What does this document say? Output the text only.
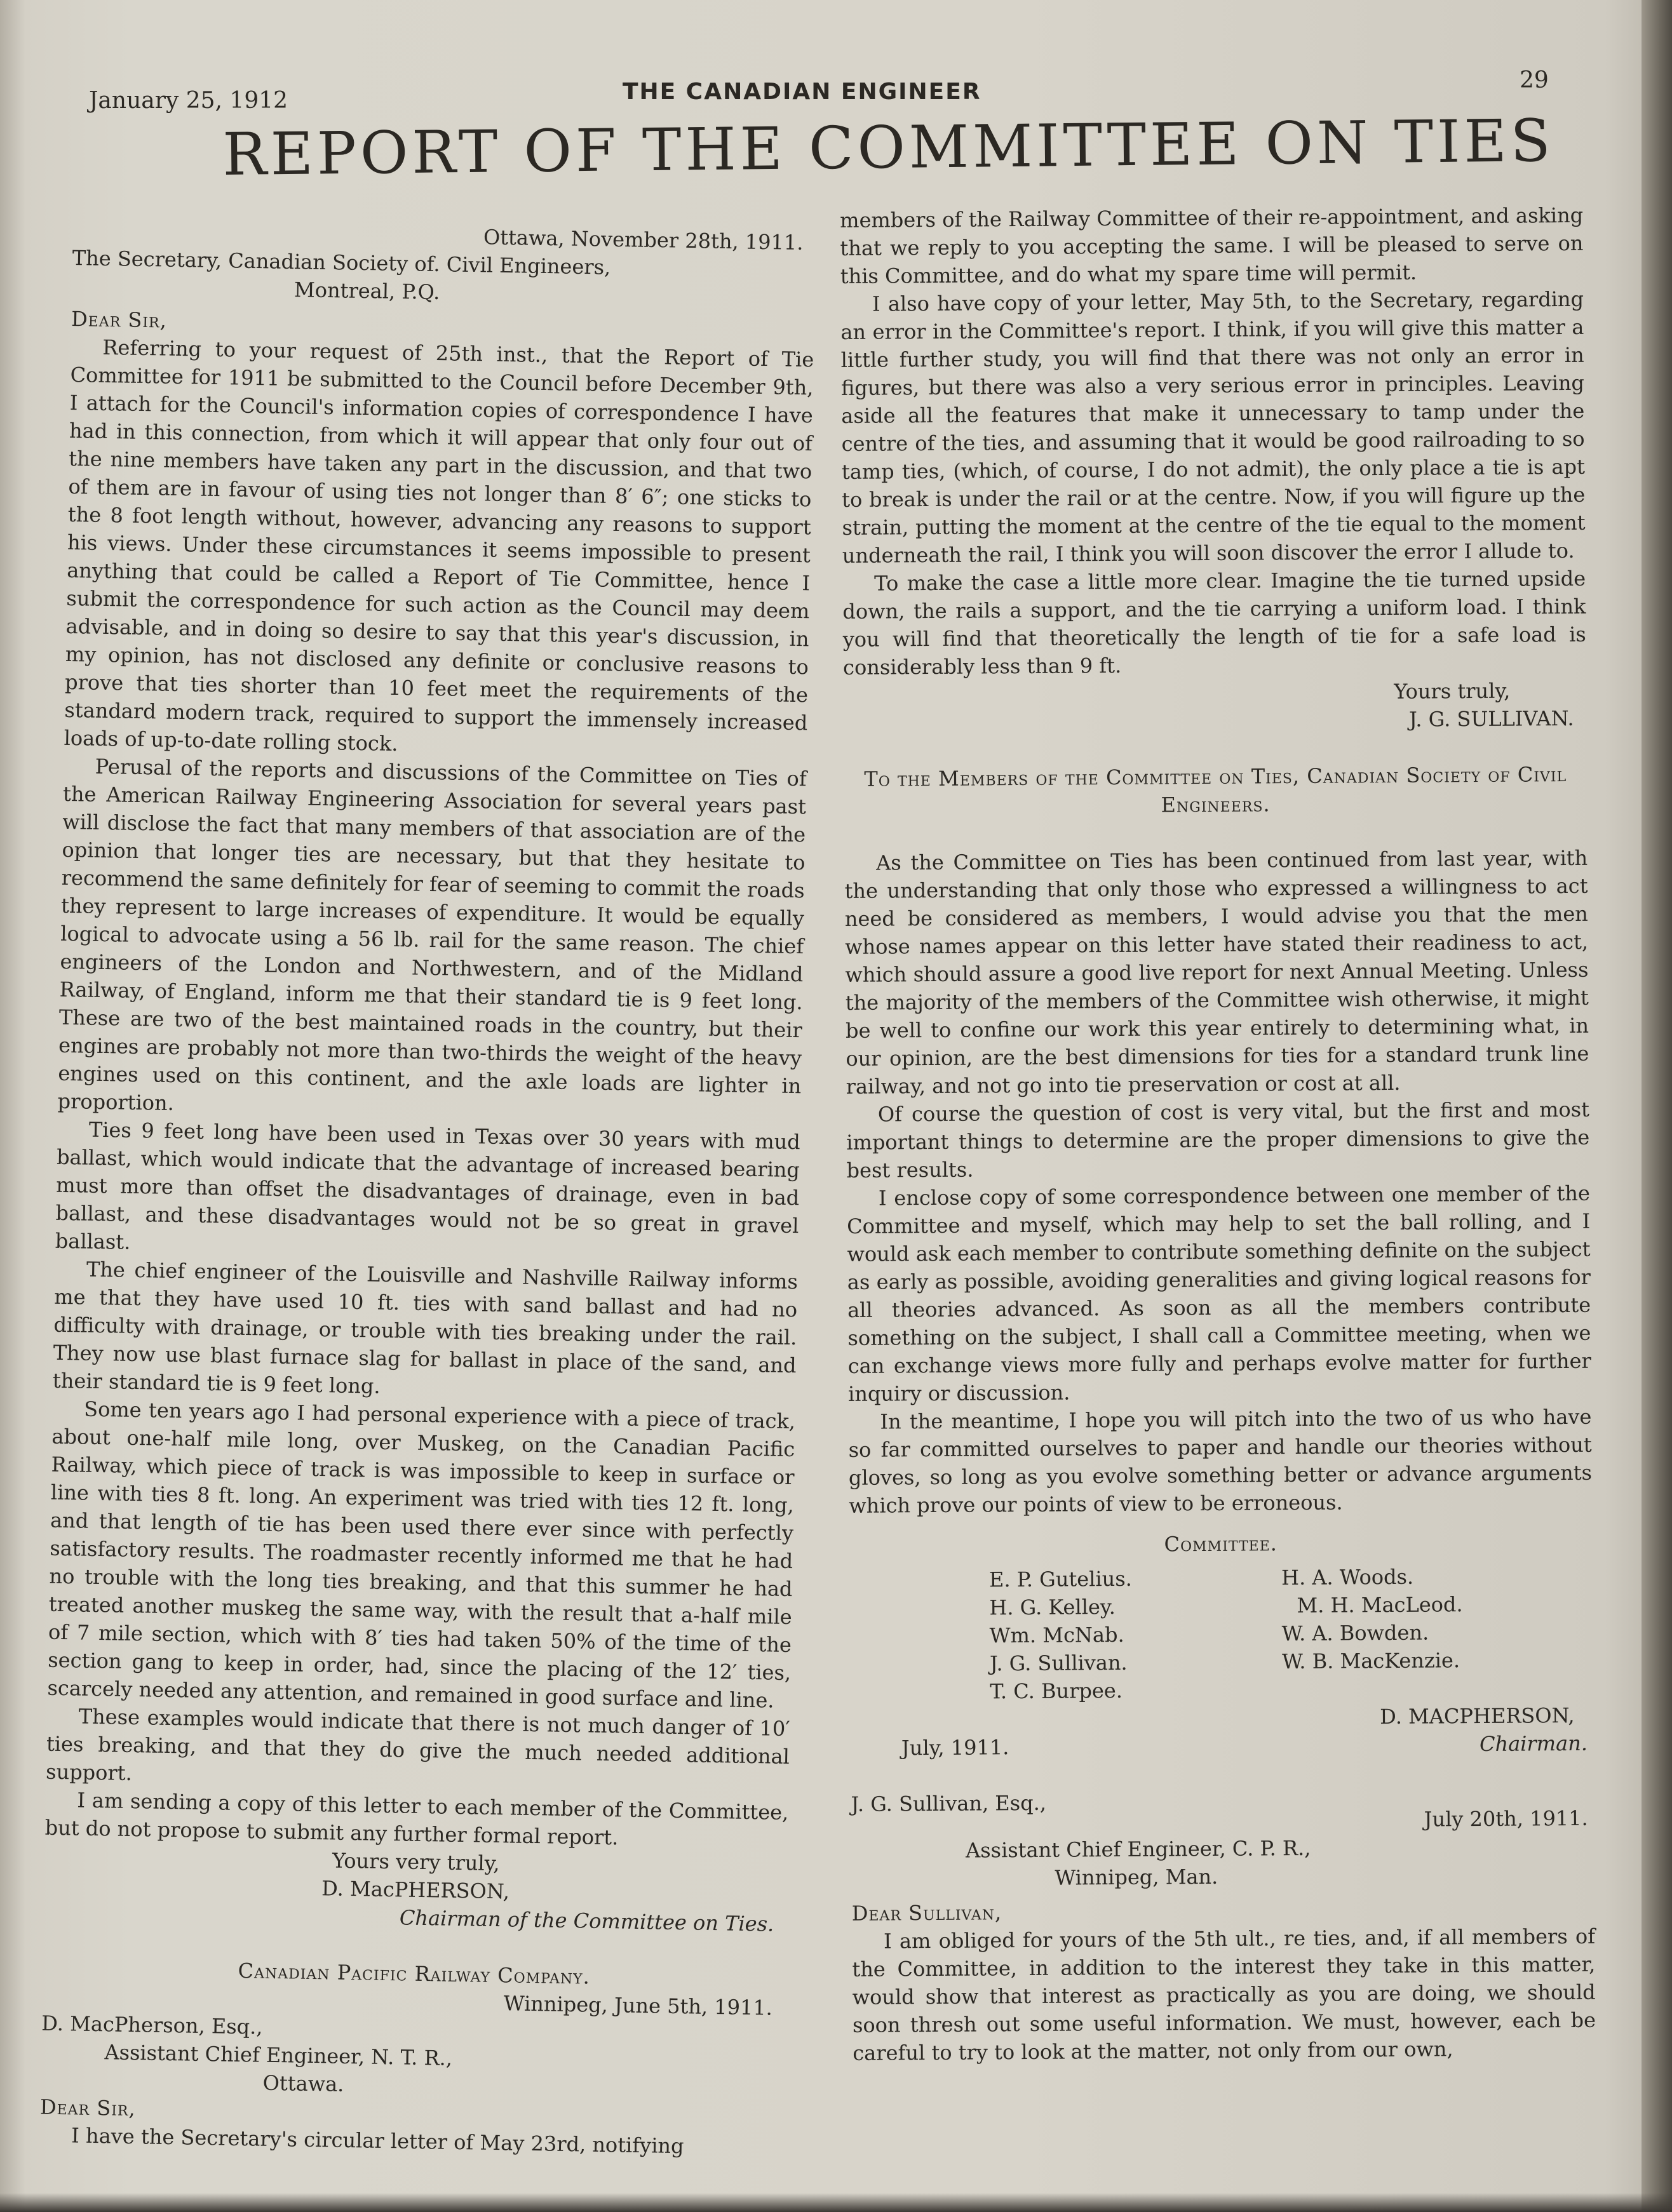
January 25, 1912	THE CANADIAN ENGINEER	29
REPORT OF THE COMMITTEE ON TIES

Ottawa, November 28th, 1911.

The Secretary, Canadian Society of. Civil Engineers,

Montreal, P.Q.

Dear Sir,

Referring to your request of 25th inst., that the Report of Tie Committee for 1911 be submitted to the Council before December 9th, I attach for the Council's information copies of correspondence I have had in this connection, from which it will appear that only four out of the nine members have taken any part in the discussion, and that two of them are in favour of using ties not longer than 8′ 6″; one sticks to the 8 foot length without, however, advancing any reasons to support his views. Under these circumstances it seems impossible to present anything that could be called a Report of Tie Committee, hence I submit the correspondence for such action as the Council may deem advisable, and in doing so desire to say that this year's discussion, in my opinion, has not disclosed any definite or conclusive reasons to prove that ties shorter than 10 feet meet the requirements of the standard modern track, required to support the immensely increased loads of up-to-date rolling stock.

Perusal of the reports and discussions of the Committee on Ties of the American Railway Engineering Association for several years past will disclose the fact that many members of that association are of the opinion that longer ties are necessary, but that they hesitate to recommend the same definitely for fear of seeming to commit the roads they represent to large increases of expenditure. It would be equally logical to advocate using a 56 lb. rail for the same reason. The chief engineers of the London and Northwestern, and of the Midland Railway, of England, inform me that their standard tie is 9 feet long. These are two of the best maintained roads in the country, but their engines are probably not more than two-thirds the weight of the heavy engines used on this continent, and the axle loads are lighter in proportion.

Ties 9 feet long have been used in Texas over 30 years with mud ballast, which would indicate that the advantage of increased bearing must more than offset the disadvantages of drainage, even in bad ballast, and these disadvantages would not be so great in gravel ballast.

The chief engineer of the Louisville and Nashville Railway informs me that they have used 10 ft. ties with sand ballast and had no difficulty with drainage, or trouble with ties breaking under the rail. They now use blast furnace slag for ballast in place of the sand, and their standard tie is 9 feet long.

Some ten years ago I had personal experience with a piece of track, about one-half mile long, over Muskeg, on the Canadian Pacific Railway, which piece of track is was impossible to keep in surface or line with ties 8 ft. long. An experiment was tried with ties 12 ft. long, and that length of tie has been used there ever since with perfectly satisfactory results. The roadmaster recently informed me that he had no trouble with the long ties breaking, and that this summer he had treated another muskeg the same way, with the result that a-half mile of 7 mile section, which with 8′ ties had taken 50% of the time of the section gang to keep in order, had, since the placing of the 12′ ties, scarcely needed any attention, and remained in good surface and line.

These examples would indicate that there is not much danger of 10′ ties breaking, and that they do give the much needed additional support.

I am sending a copy of this letter to each member of the Committee, but do not propose to submit any further formal report.

Yours very truly,

D. MacPHERSON,

Chairman of the Committee on Ties.

Canadian Pacific Railway Company.

Winnipeg, June 5th, 1911.

D. MacPherson, Esq.,

Assistant Chief Engineer, N. T. R.,

Ottawa.

Dear Sir,

I have the Secretary's circular letter of May 23rd, notifying

members of the Railway Committee of their re-appointment, and asking that we reply to you accepting the same. I will be pleased to serve on this Committee, and do what my spare time will permit.

I also have copy of your letter, May 5th, to the Secretary, regarding an error in the Committee's report. I think, if you will give this matter a little further study, you will find that there was not only an error in figures, but there was also a very serious error in principles. Leaving aside all the features that make it unnecessary to tamp under the centre of the ties, and assuming that it would be good railroading to so tamp ties, (which, of course, I do not admit), the only place a tie is apt to break is under the rail or at the centre. Now, if you will figure up the strain, putting the moment at the centre of the tie equal to the moment underneath the rail, I think you will soon discover the error I allude to.

To make the case a little more clear. Imagine the tie turned upside down, the rails a support, and the tie carrying a uniform load. I think you will find that theoretically the length of tie for a safe load is considerably less than 9 ft.

Yours truly,

J. G. SULLIVAN.

To the Members of the Committee on Ties, Canadian Society of Civil Engineers.

As the Committee on Ties has been continued from last year, with the understanding that only those who expressed a willingness to act need be considered as members, I would advise you that the men whose names appear on this letter have stated their readiness to act, which should assure a good live report for next Annual Meeting. Unless the majority of the members of the Committee wish otherwise, it might be well to confine our work this year entirely to determining what, in our opinion, are the best dimensions for ties for a standard trunk line railway, and not go into tie preservation or cost at all.

Of course the question of cost is very vital, but the first and most important things to determine are the proper dimensions to give the best results.

I enclose copy of some correspondence between one member of the Committee and myself, which may help to set the ball rolling, and I would ask each member to contribute something definite on the subject as early as possible, avoiding generalities and giving logical reasons for all theories advanced. As soon as all the members contribute something on the subject, I shall call a Committee meeting, when we can exchange views more fully and perhaps evolve matter for further inquiry or discussion.

In the meantime, I hope you will pitch into the two of us who have so far committed ourselves to paper and handle our theories without gloves, so long as you evolve something better or advance arguments which prove our points of view to be erroneous.

Committee.

E. P. Gutelius.
H. G. Kelley.
Wm. McNab.
J. G. Sullivan.
T. C. Burpee.
H. A. Woods.
M. H. MacLeod.
W. A. Bowden.
W. B. MacKenzie.

D. MACPHERSON,

July, 1911.	Chairman.

J. G. Sullivan, Esq.,
July 20th, 1911.

Assistant Chief Engineer, C. P. R.,

Winnipeg, Man.

Dear Sullivan,

I am obliged for yours of the 5th ult., re ties, and, if all members of the Committee, in addition to the interest they take in this matter, would show that interest as practically as you are doing, we should soon thresh out some useful information. We must, however, each be careful to try to look at the matter, not only from our own,
